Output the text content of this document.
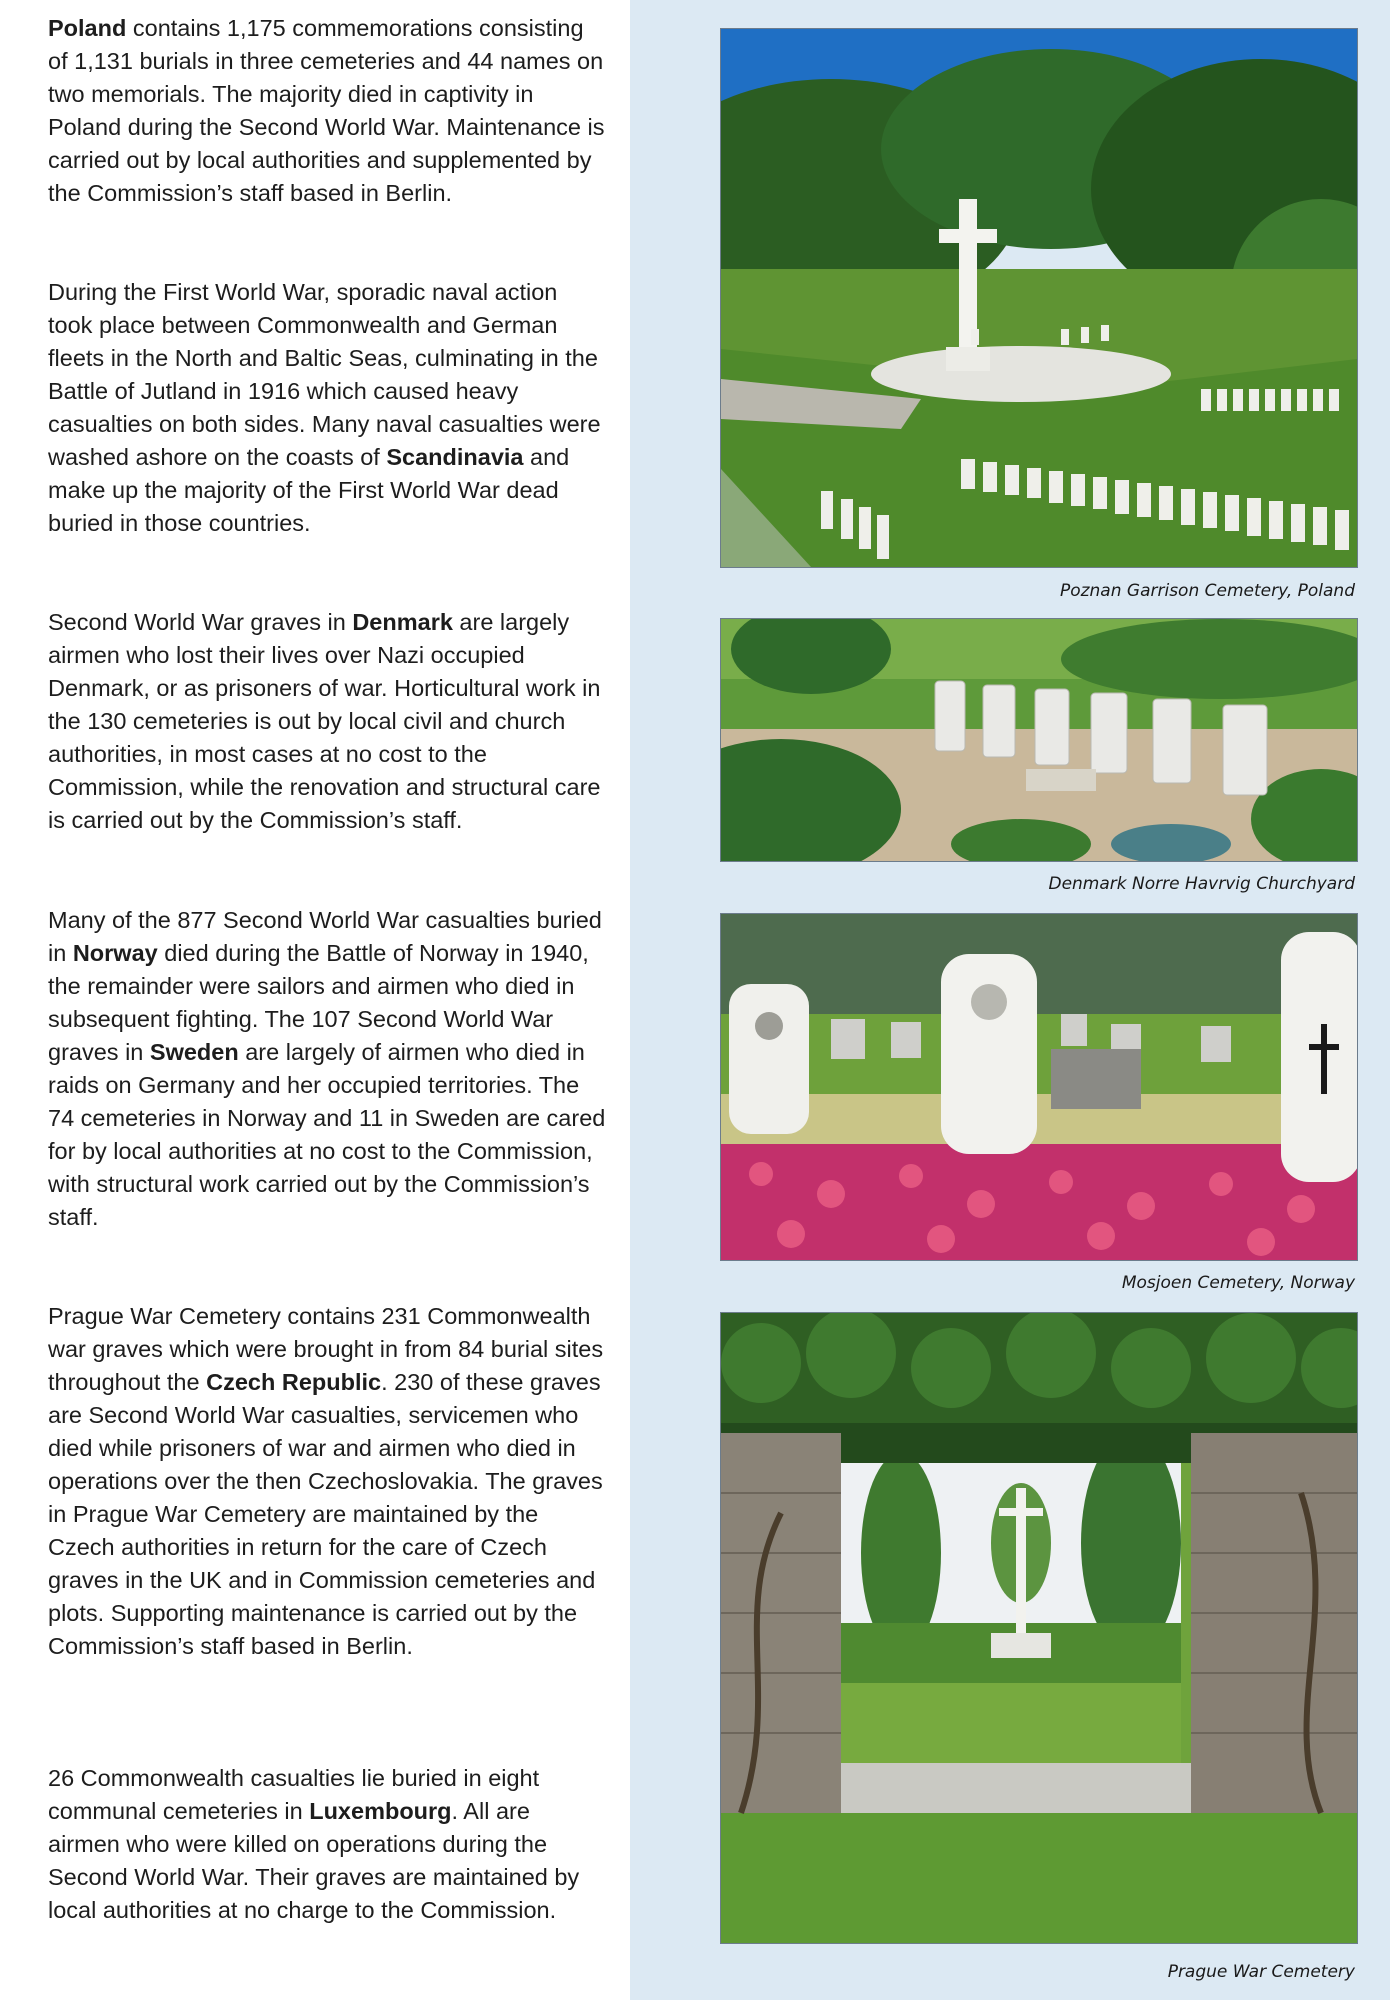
Poland contains 1,175 commemorations consisting of 1,131 burials in three cemeteries and 44 names on two memorials. The majority died in captivity in Poland during the Second World War. Maintenance is carried out by local authorities and supplemented by the Commission’s staff based in Berlin.

During the First World War, sporadic naval action took place between Commonwealth and German fleets in the North and Baltic Seas, culminating in the Battle of Jutland in 1916 which caused heavy casualties on both sides. Many naval casualties were washed ashore on the coasts of Scandinavia and make up the majority of the First World War dead buried in those countries.

Second World War graves in Denmark are largely airmen who lost their lives over Nazi occupied Denmark, or as prisoners of war. Horticultural work in the 130 cemeteries is out by local civil and church authorities, in most cases at no cost to the Commission, while the renovation and structural care is carried out by the Commission’s staff.

Many of the 877 Second World War casualties buried in Norway died during the Battle of Norway in 1940, the remainder were sailors and airmen who died in subsequent fighting. The 107 Second World War graves in Sweden are largely of airmen who died in raids on Germany and her occupied territories. The 74 cemeteries in Norway and 11 in Sweden are cared for by local authorities at no cost to the Commission, with structural work carried out by the Commission’s staff.

Prague War Cemetery contains 231 Commonwealth war graves which were brought in from 84 burial sites throughout the Czech Republic. 230 of these graves are Second World War casualties, servicemen who died while prisoners of war and airmen who died in operations over the then Czechoslovakia. The graves in Prague War Cemetery are maintained by the Czech authorities in return for the care of Czech graves in the UK and in Commission cemeteries and plots. Supporting maintenance is carried out by the Commission’s staff based in Berlin.

26 Commonwealth casualties lie buried in eight communal cemeteries in Luxembourg. All are airmen who were killed on operations during the Second World War. Their graves are maintained by local authorities at no charge to the Commission.

Poznan Garrison Cemetery, Poland
Denmark Norre Havrvig Churchyard
Mosjoen Cemetery, Norway
Prague War Cemetery
